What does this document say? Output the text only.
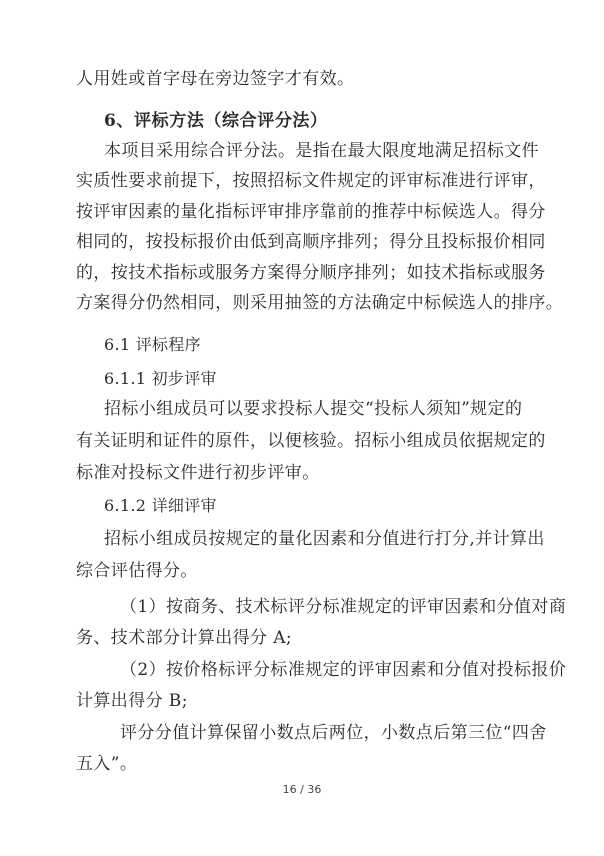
人用姓或首字母在旁边签字才有效。
6、评标方法（综合评分法）
本项目采用综合评分法。是指在最大限度地满足招标文件
实质性要求前提下，按照招标文件规定的评审标准进行评审，
按评审因素的量化指标评审排序靠前的推荐中标候选人。得分
相同的，按投标报价由低到高顺序排列；得分且投标报价相同
的，按技术指标或服务方案得分顺序排列；如技术指标或服务
方案得分仍然相同，则采用抽签的方法确定中标候选人的排序。
6.1 评标程序
6.1.1 初步评审
招标小组成员可以要求投标人提交“投标人须知”规定的
有关证明和证件的原件，以便核验。招标小组成员依据规定的
标准对投标文件进行初步评审。
6.1.2 详细评审
招标小组成员按规定的量化因素和分值进行打分,并计算出
综合评估得分。
（1）按商务、技术标评分标准规定的评审因素和分值对商
务、技术部分计算出得分 A;
（2）按价格标评分标准规定的评审因素和分值对投标报价
计算出得分 B;
评分分值计算保留小数点后两位，小数点后第三位“四舍
五入”。
16 / 36
